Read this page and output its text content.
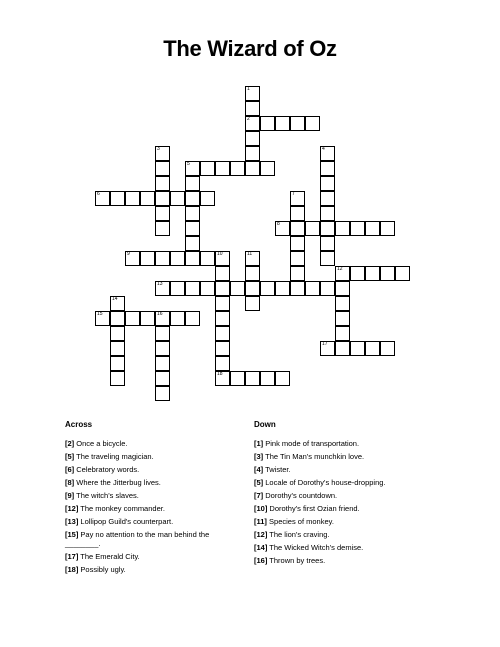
The Wizard of Oz
1
2
3	4
5
6	7
8
9	10
18
11
12
13
14
15	16
17
Across	Down
[2] Once a bicycle.
[5] The traveling magician.
[6] Celebratory words.
[8] Where the Jitterbug lives.
[9] The witch's slaves.
[12] The monkey commander.
[13] Lollipop Guild's counterpart.
[15] Pay no attention to the man behind the ________.
[17] The Emerald City.
[18] Possibly ugly.
[1] Pink mode of transportation.
[3] The Tin Man's munchkin love.
[4] Twister.
[5] Locale of Dorothy's house-dropping.
[7] Dorothy's countdown.
[10] Dorothy's first Ozian friend.
[11] Species of monkey.
[12] The lion's craving.
[14] The Wicked Witch's demise.
[16] Thrown by trees.
